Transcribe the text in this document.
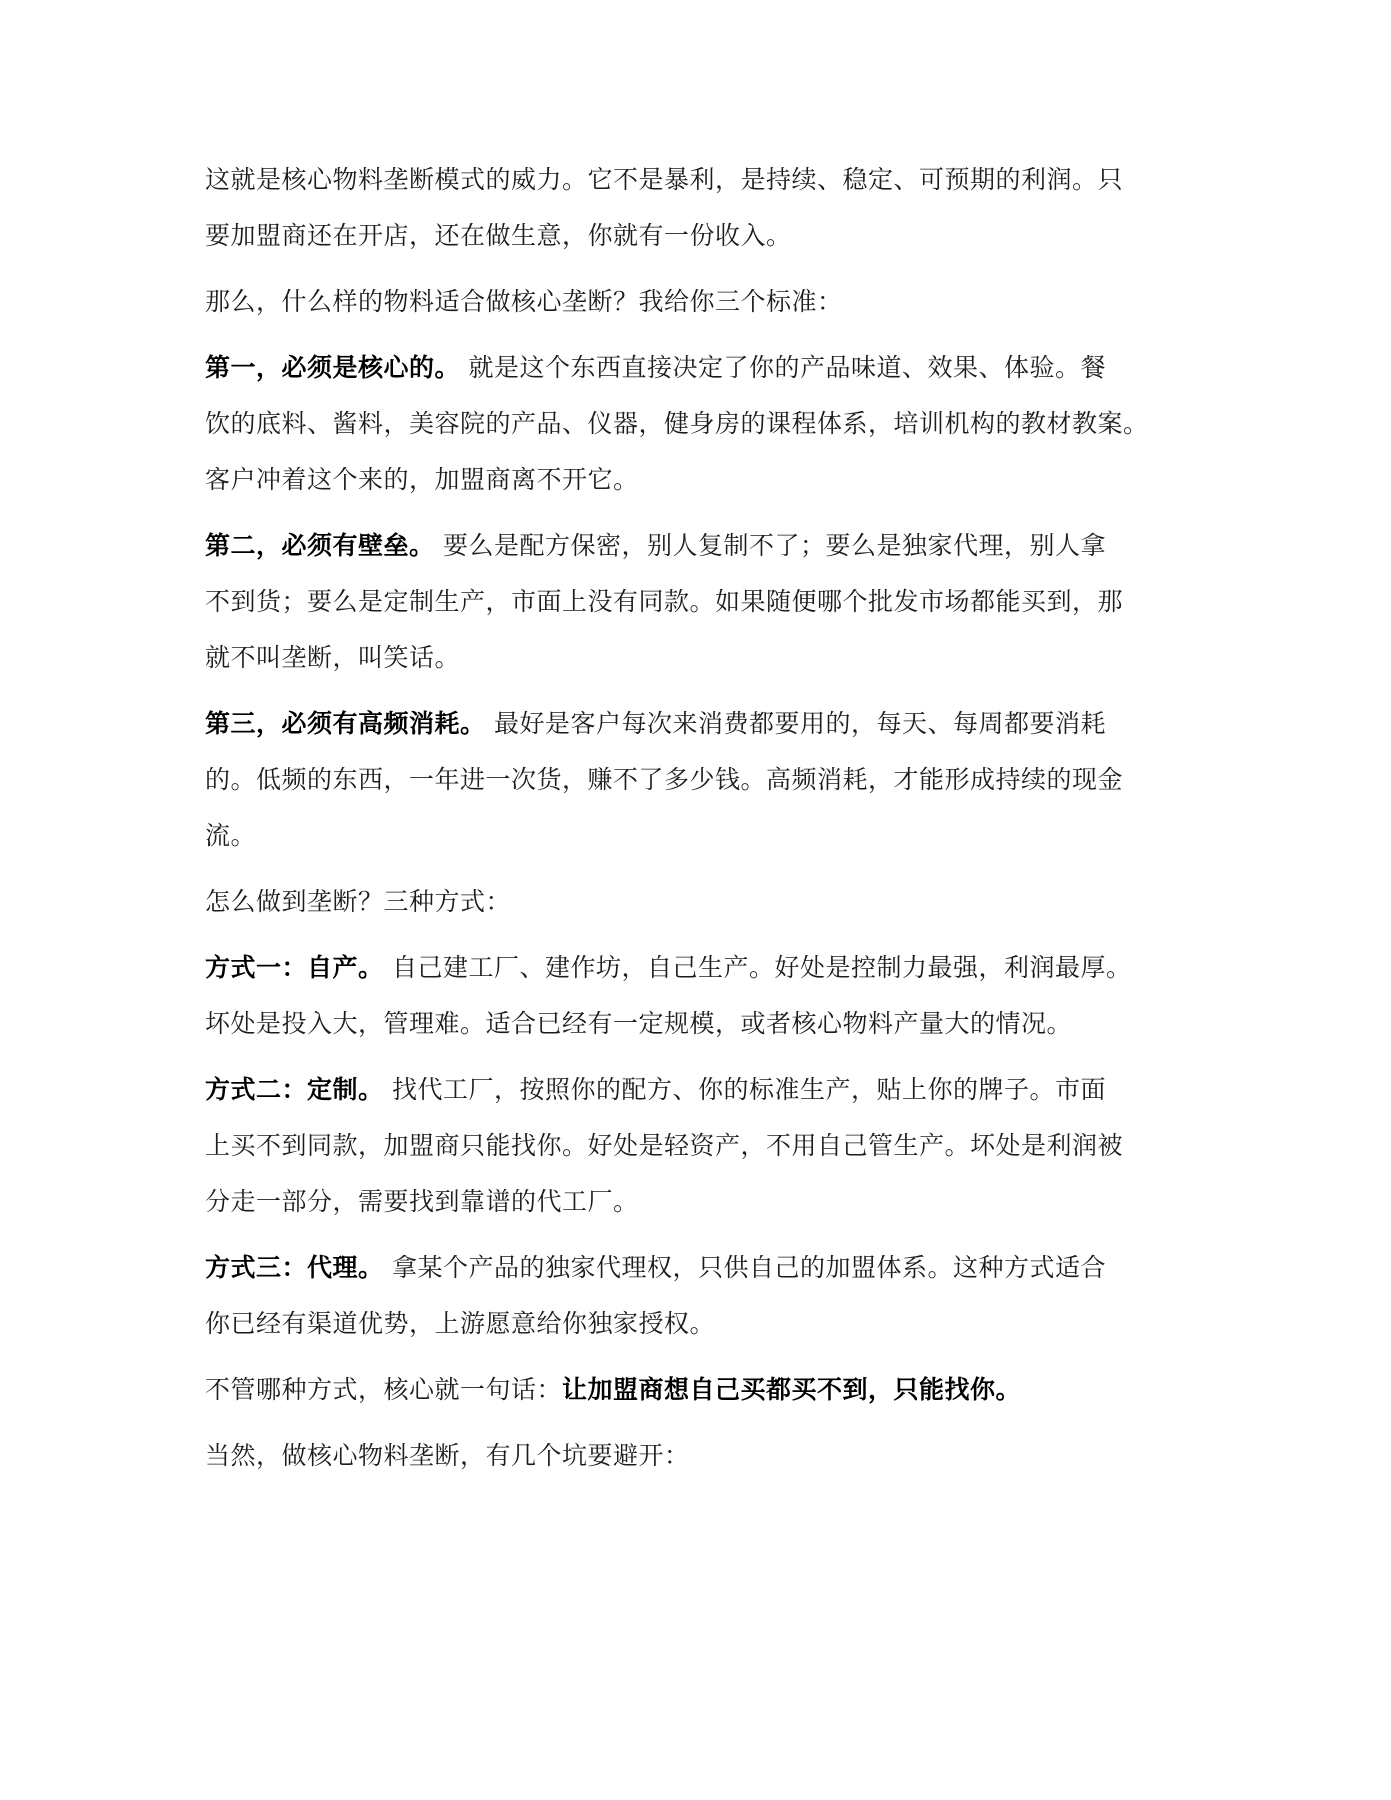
这就是核心物料垄断模式的威力。它不是暴利，是持续、稳定、可预期的利润。只
要加盟商还在开店，还在做生意，你就有一份收入。

那么，什么样的物料适合做核心垄断？我给你三个标准：

第一，必须是核心的。 就是这个东西直接决定了你的产品味道、效果、体验。餐
饮的底料、酱料，美容院的产品、仪器，健身房的课程体系，培训机构的教材教案。
客户冲着这个来的，加盟商离不开它。

第二，必须有壁垒。 要么是配方保密，别人复制不了；要么是独家代理，别人拿
不到货；要么是定制生产，市面上没有同款。如果随便哪个批发市场都能买到，那
就不叫垄断，叫笑话。

第三，必须有高频消耗。 最好是客户每次来消费都要用的，每天、每周都要消耗
的。低频的东西，一年进一次货，赚不了多少钱。高频消耗，才能形成持续的现金
流。

怎么做到垄断？三种方式：

方式一：自产。 自己建工厂、建作坊，自己生产。好处是控制力最强，利润最厚。
坏处是投入大，管理难。适合已经有一定规模，或者核心物料产量大的情况。

方式二：定制。 找代工厂，按照你的配方、你的标准生产，贴上你的牌子。市面
上买不到同款，加盟商只能找你。好处是轻资产，不用自己管生产。坏处是利润被
分走一部分，需要找到靠谱的代工厂。

方式三：代理。 拿某个产品的独家代理权，只供自己的加盟体系。这种方式适合
你已经有渠道优势，上游愿意给你独家授权。

不管哪种方式，核心就一句话：让加盟商想自己买都买不到，只能找你。

当然，做核心物料垄断，有几个坑要避开：
